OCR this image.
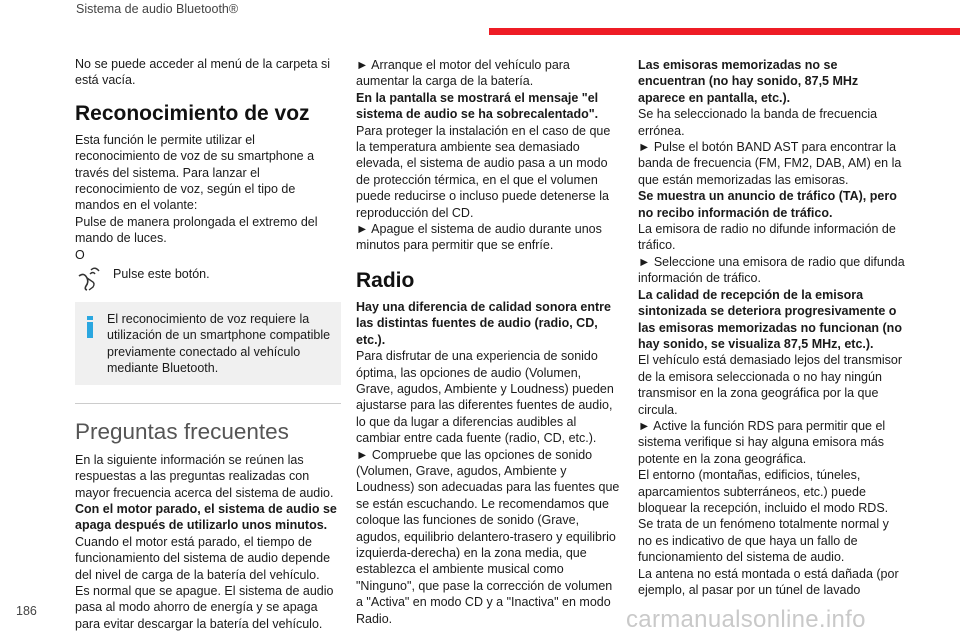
Sistema de audio Bluetooth®

No se puede acceder al menú de la carpeta si está vacía.

Reconocimiento de voz

Esta función le permite utilizar el reconocimiento de voz de su smartphone a través del sistema. Para lanzar el reconocimiento de voz, según el tipo de mandos en el volante:

Pulse de manera prolongada el extremo del mando de luces.

O

Pulse este botón.

El reconocimiento de voz requiere la utilización de un smartphone compatible previamente conectado al vehículo mediante Bluetooth.

Preguntas frecuentes

En la siguiente información se reúnen las respuestas a las preguntas realizadas con mayor frecuencia acerca del sistema de audio.

Con el motor parado, el sistema de audio se apaga después de utilizarlo unos minutos.

Cuando el motor está parado, el tiempo de funcionamiento del sistema de audio depende del nivel de carga de la batería del vehículo.

Es normal que se apague. El sistema de audio pasa al modo ahorro de energía y se apaga para evitar descargar la batería del vehículo.

► Arranque el motor del vehículo para aumentar la carga de la batería.

En la pantalla se mostrará el mensaje "el sistema de audio se ha sobrecalentado".

Para proteger la instalación en el caso de que la temperatura ambiente sea demasiado elevada, el sistema de audio pasa a un modo de protección térmica, en el que el volumen puede reducirse o incluso puede detenerse la reproducción del CD.

► Apague el sistema de audio durante unos minutos para permitir que se enfríe.

Radio

Hay una diferencia de calidad sonora entre las distintas fuentes de audio (radio, CD, etc.).

Para disfrutar de una experiencia de sonido óptima, las opciones de audio (Volumen, Grave, agudos, Ambiente y Loudness) pueden ajustarse para las diferentes fuentes de audio, lo que da lugar a diferencias audibles al cambiar entre cada fuente (radio, CD, etc.).

► Compruebe que las opciones de sonido (Volumen, Grave, agudos, Ambiente y Loudness) son adecuadas para las fuentes que se están escuchando. Le recomendamos que coloque las funciones de sonido (Grave, agudos, equilibrio delantero-trasero y equilibrio izquierda-derecha) en la zona media, que establezca el ambiente musical como "Ninguno", que pase la corrección de volumen a "Activa" en modo CD y a "Inactiva" en modo Radio.

Las emisoras memorizadas no se encuentran (no hay sonido, 87,5 MHz aparece en pantalla, etc.).

Se ha seleccionado la banda de frecuencia errónea.

► Pulse el botón BAND AST para encontrar la banda de frecuencia (FM, FM2, DAB, AM) en la que están memorizadas las emisoras.

Se muestra un anuncio de tráfico (TA), pero no recibo información de tráfico.

La emisora de radio no difunde información de tráfico.

► Seleccione una emisora de radio que difunda información de tráfico.

La calidad de recepción de la emisora sintonizada se deteriora progresivamente o las emisoras memorizadas no funcionan (no hay sonido, se visualiza 87,5 MHz, etc.).

El vehículo está demasiado lejos del transmisor de la emisora seleccionada o no hay ningún transmisor en la zona geográfica por la que circula.

► Active la función RDS para permitir que el sistema verifique si hay alguna emisora más potente en la zona geográfica.

El entorno (montañas, edificios, túneles, aparcamientos subterráneos, etc.) puede bloquear la recepción, incluido el modo RDS.

Se trata de un fenómeno totalmente normal y no es indicativo de que haya un fallo de funcionamiento del sistema de audio.

La antena no está montada o está dañada (por ejemplo, al pasar por un túnel de lavado

186	carmanualsonline.info
